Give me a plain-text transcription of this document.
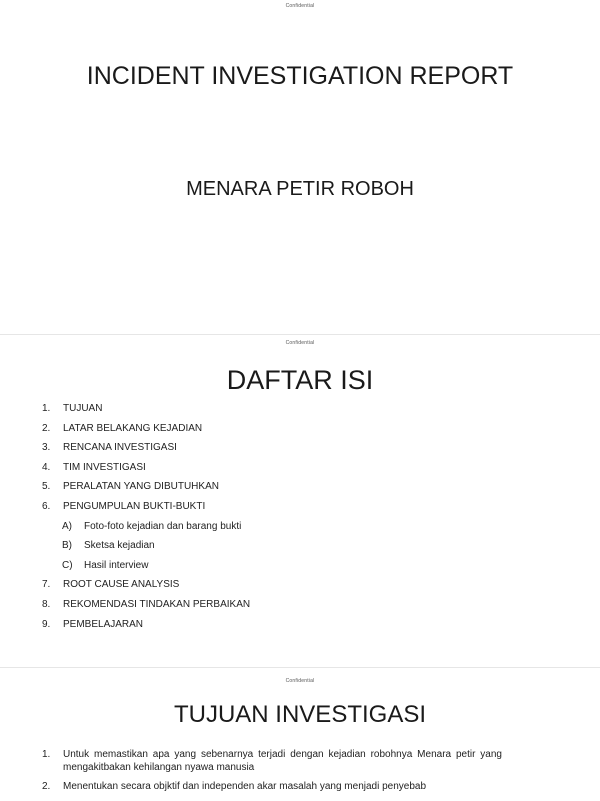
Confidential
INCIDENT INVESTIGATION REPORT
MENARA PETIR ROBOH
Confidential
DAFTAR ISI
1.	TUJUAN
2.	LATAR BELAKANG KEJADIAN
3.	RENCANA INVESTIGASI
4.	TIM INVESTIGASI
5.	PERALATAN YANG DIBUTUHKAN
6.	PENGUMPULAN BUKTI-BUKTI
A)	Foto-foto kejadian dan barang bukti
B)	Sketsa kejadian
C)	Hasil interview
7.	ROOT CAUSE ANALYSIS
8.	REKOMENDASI TINDAKAN PERBAIKAN
9.	PEMBELAJARAN
Confidential
TUJUAN INVESTIGASI
1. Untuk memastikan apa yang sebenarnya terjadi dengan kejadian robohnya Menara petir yang mengakitbakan kehilangan nyawa manusia
2. Menentukan secara objktif dan independen akar masalah yang menjadi penyebab
